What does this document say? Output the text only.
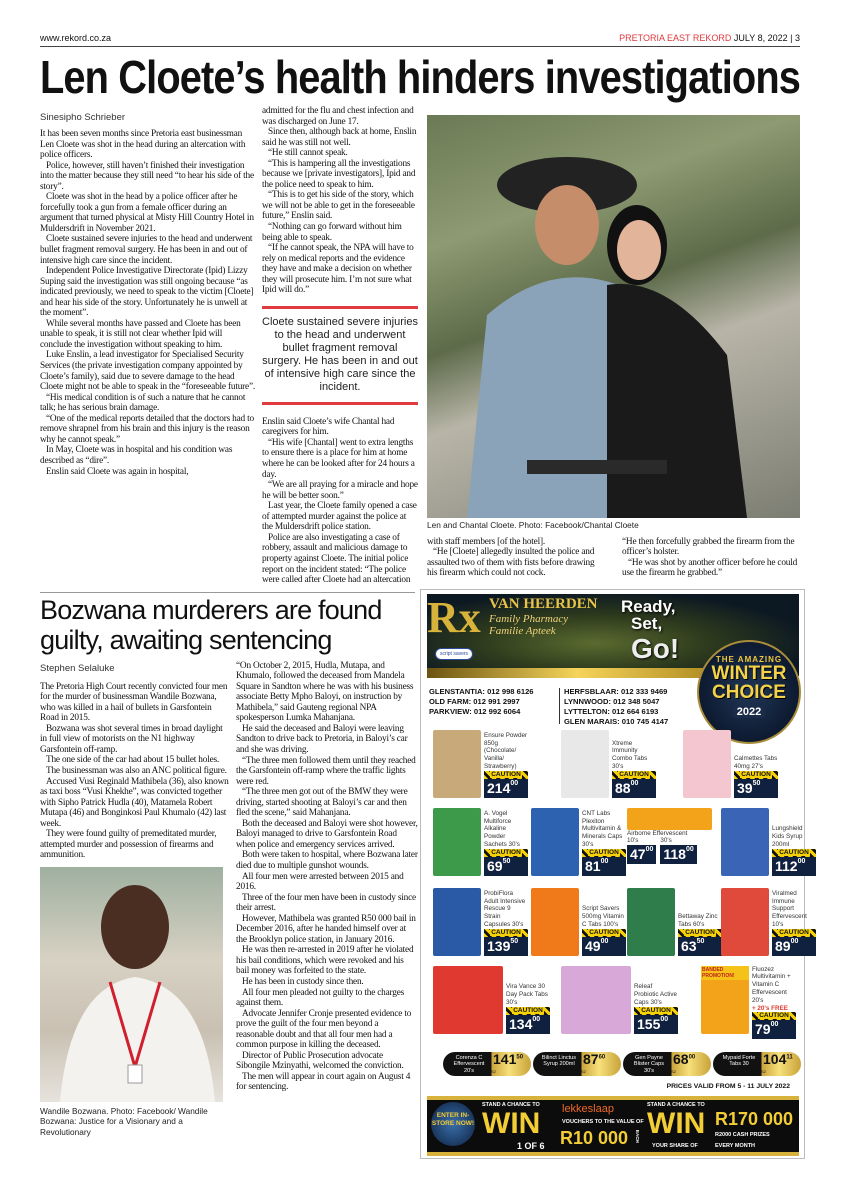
www.rekord.co.za	PRETORIA EAST REKORD JULY 8, 2022 | 3
Len Cloete’s health hinders investigations
Sinesipho Schrieber

It has been seven months since Pretoria east businessman Len Cloete was shot in the head during an altercation with police officers.

Police, however, still haven’t finished their investigation into the matter because they still need “to hear his side of the story”.

Cloete was shot in the head by a police officer after he forcefully took a gun from a female officer during an argument that turned physical at Misty Hill Country Hotel in Muldersdrift in November 2021.

Cloete sustained severe injuries to the head and underwent bullet fragment removal surgery. He has been in and out of intensive high care since the incident.

Independent Police Investigative Directorate (Ipid) Lizzy Suping said the investigation was still ongoing because “as indicated previously, we need to speak to the victim [Cloete] and hear his side of the story. Unfortunately he is unwell at the moment”.

While several months have passed and Cloete has been unable to speak, it is still not clear whether Ipid will conclude the investigation without speaking to him.

Luke Enslin, a lead investigator for Specialised Security Services (the private investigation company appointed by Cloete’s family), said due to severe damage to the head Cloete might not be able to speak in the “foreseeable future”.

“His medical condition is of such a nature that he cannot talk; he has serious brain damage.

“One of the medical reports detailed that the doctors had to remove shrapnel from his brain and this injury is the reason why he cannot speak.”

In May, Cloete was in hospital and his condition was described as “dire”.

Enslin said Cloete was again in hospital,

admitted for the flu and chest infection and was discharged on June 17.

Since then, although back at home, Enslin said he was still not well.

“He still cannot speak.

“This is hampering all the investigations because we [private investigators], Ipid and the police need to speak to him.

“This is to get his side of the story, which we will not be able to get in the foreseeable future,” Enslin said.

“Nothing can go forward without him being able to speak.

“If he cannot speak, the NPA will have to rely on medical reports and the evidence they have and make a decision on whether they will prosecute him. I’m not sure what Ipid will do.”

Cloete sustained severe injuries to the head and underwent bullet fragment removal surgery. He has been in and out of intensive high care since the incident.

Enslin said Cloete’s wife Chantal had caregivers for him.

“His wife [Chantal] went to extra lengths to ensure there is a place for him at home where he can be looked after for 24 hours a day.

“We are all praying for a miracle and hope he will be better soon.”

Last year, the Cloete family opened a case of attempted murder against the police at the Muldersdrift police station.

Police are also investigating a case of robbery, assault and malicious damage to property against Cloete. The initial police report on the incident stated: “The police were called after Cloete had an altercation

Bozwana murderers are found guilty, awaiting sentencing
Stephen Selaluke

The Pretoria High Court recently convicted four men for the murder of businessman Wandile Bozwana, who was killed in a hail of bullets in Garsfontein Road in 2015.

Bozwana was shot several times in broad daylight in full view of motorists on the N1 highway Garsfontein off-ramp.

The one side of the car had about 15 bullet holes.

The businessman was also an ANC political figure.

Accused Vusi Reginald Mathibela (36), also known as taxi boss “Vusi Khekhe”, was convicted together with Sipho Patrick Hudla (40), Matamela Robert Mutapa (46) and Bonginkosi Paul Khumalo (42) last week.

They were found guilty of premeditated murder, attempted murder and possession of firearms and ammunition.

Wandile Bozwana. Photo: Facebook/ Wandile Bozwana: Justice for a Visionary and a Revolutionary

“On October 2, 2015, Hudla, Mutapa, and Khumalo, followed the deceased from Mandela Square in Sandton where he was with his business associate Betty Mpho Baloyi, on instruction by Mathibela,” said Gauteng regional NPA spokesperson Lumka Mahanjana.

He said the deceased and Baloyi were leaving Sandton to drive back to Pretoria, in Baloyi’s car and she was driving.

“The three men followed them until they reached the Garsfontein off-ramp where the traffic lights were red.

“The three men got out of the BMW they were driving, started shooting at Baloyi’s car and then fled the scene,” said Mahanjana.

Both the deceased and Baloyi were shot however, Baloyi managed to drive to Garsfontein Road when police and emergency services arrived.

Both were taken to hospital, where Bozwana later died due to multiple gunshot wounds.

All four men were arrested between 2015 and 2016.

Three of the four men have been in custody since their arrest.

However, Mathibela was granted R50 000 bail in December 2016, after he handed himself over at the Brooklyn police station, in January 2016.

He was then re-arrested in 2019 after he violated his bail conditions, which were revoked and his bail money was forfeited to the state.

He has been in custody since then.

All four men pleaded not guilty to the charges against them.

Advocate Jennifer Cronje presented evidence to prove the guilt of the four men beyond a reasonable doubt and that all four men had a common purpose in killing the deceased.

Director of Public Prosecution advocate Sibongile Mzinyathi, welcomed the conviction.

The men will appear in court again on August 4 for sentencing.

Len and Chantal Cloete. Photo: Facebook/Chantal Cloete

with staff members [of the hotel].

“He [Cloete] allegedly insulted the police and assaulted two of them with fists before drawing his firearm which could not cock.

“He then forcefully grabbed the firearm from the officer’s holster.

“He was shot by another officer before he could use the firearm he grabbed.”

Rx VAN HEERDEN
Family Pharmacy
Familie Apteek
script savers
Ready,
Set,
Go!	THE AMAZING
WINTER
CHOICE
2022
GLENSTANTIA: 012 998 6126
OLD FARM: 012 991 2997
PARKVIEW: 012 992 6064
HERFSBLAAR: 012 333 9469
LYNNWOOD: 012 348 5047
LYTTELTON: 012 664 6193
GLEN MARAIS: 010 745 4147
PRICES VALID FROM 5 - 11 JULY 2022
ENTER IN-STORE NOW!
STAND A CHANCE TO
WIN
1 OF 6
lekkeslaap
VOUCHERS TO THE VALUE OF
R10 000 EACH
STAND A CHANCE TO
WIN R170 000
R2000 CASH PRIZES
YOUR SHARE OF	EVERY MONTH
Ensure Powder 850g (Chocolate/ Vanilla/ Strawberry)
CAUTION
$214^{00}$
Xtreme Immunity Combo Tabs 30's
CAUTION
$88^{00}$
Calmettes Tabs 40mg 27's
CAUTION
$39^{50}$
A. Vogel Multiforce Alkaline Powder Sachets 30's
CAUTION
$69^{50}$
CNT Labs Plexiton Multivitamin & Minerals Caps 30's
CAUTION
$81^{00}$
Airborne Effervescent
10's	30's
$47^{00}$ $118^{00}$
Lungshield Kids Syrup 200ml
CAUTION
$112^{00}$
ProbiFlora Adult Intensive Rescue 9 Strain Capsules 30's
CAUTION
$139^{50}$
Script Savers 500mg Vitamin C Tabs 100's
CAUTION
$49^{00}$
Bettaway Zinc Tabs 60's
CAUTION
$63^{50}$
Viralmed Immune Support Effervescent 10's
CAUTION
$89^{00}$
Vira Vance 30 Day Pack Tabs 30's
CAUTION
$134^{00}$
Releaf Probiotic Active Caps 30's
CAUTION
$155^{00}$
BANDED PROMOTION!
Fluozez Multivitamin + Vitamin C Effervescent 20's
+ 20's FREE
CAUTION
$79^{00}$
Corenza C Effervescent 20's
$141^{50}$
S2
Bilinct Linctus Syrup 200ml $87^{60}$
S2
Gen Payne Blister Caps 30's
$68^{00}$
S2
Mypaid Forte Tabs 30	$104^{11}$
S2
